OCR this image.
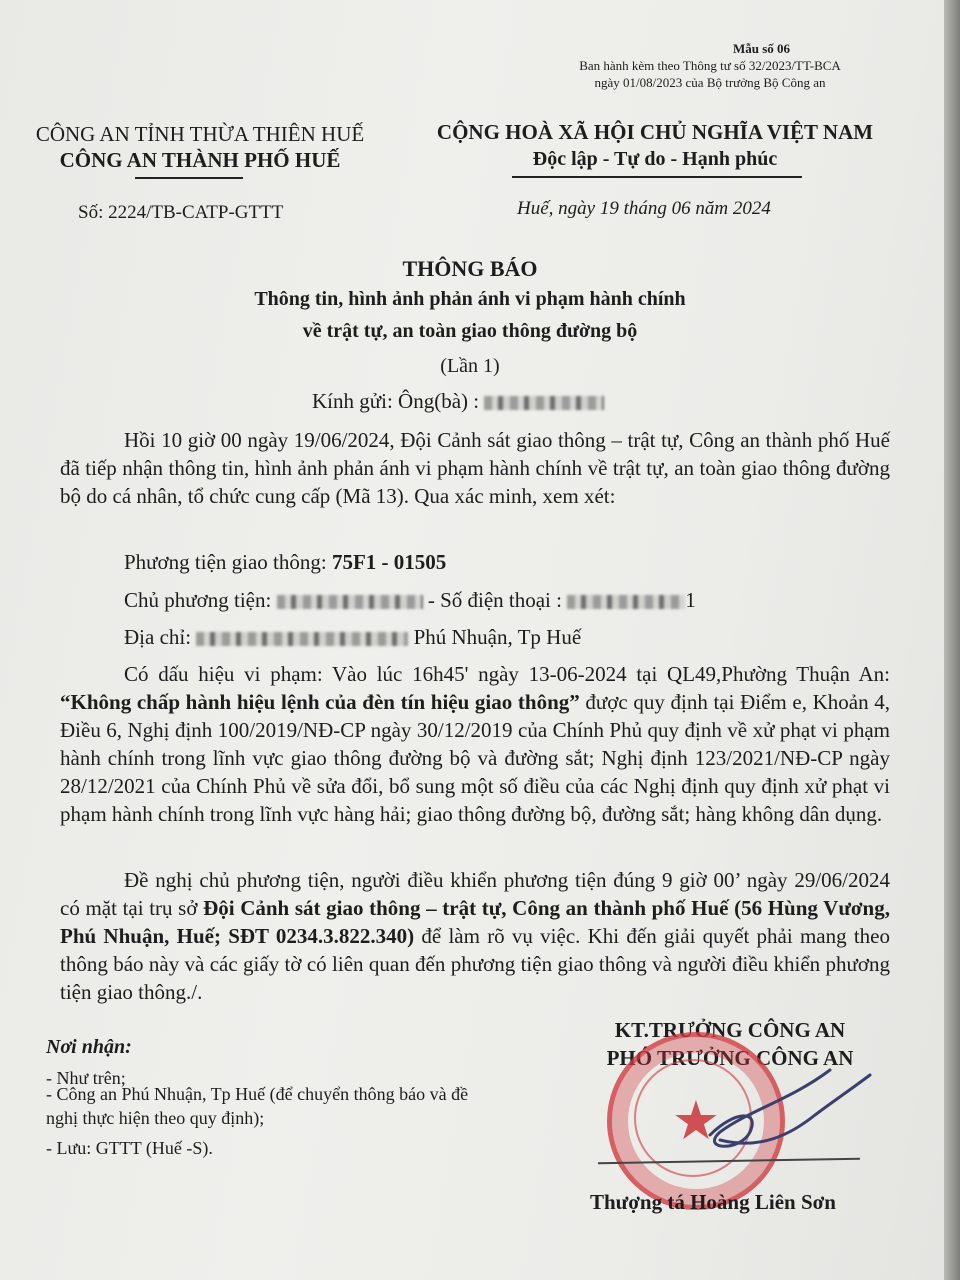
Mẫu số 06
Ban hành kèm theo Thông tư số 32/2023/TT-BCA
ngày 01/08/2023 của Bộ trưởng Bộ Công an
CÔNG AN TỈNH THỪA THIÊN HUẾ
CÔNG AN THÀNH PHỐ HUẾ
CỘNG HOÀ XÃ HỘI CHỦ NGHĨA VIỆT NAM
Độc lập - Tự do - Hạnh phúc
Số: 2224/TB-CATP-GTTT	Huế, ngày 19 tháng 06 năm 2024
THÔNG BÁO
Thông tin, hình ảnh phản ánh vi phạm hành chính
về trật tự, an toàn giao thông đường bộ
(Lần 1)
Kính gửi: Ông(bà) :
Hồi 10 giờ 00 ngày 19/06/2024, Đội Cảnh sát giao thông – trật tự, Công an thành phố Huế đã tiếp nhận thông tin, hình ảnh phản ánh vi phạm hành chính về trật tự, an toàn giao thông đường bộ do cá nhân, tổ chức cung cấp (Mã 13). Qua xác minh, xem xét:
Phương tiện giao thông: 75F1 - 01505
Chủ phương tiện:	- Số điện thoại :	1
Địa chỉ:	Phú Nhuận, Tp Huế
Có dấu hiệu vi phạm: Vào lúc 16h45' ngày 13-06-2024 tại QL49,Phường Thuận An: “Không chấp hành hiệu lệnh của đèn tín hiệu giao thông” được quy định tại Điểm e, Khoản 4, Điều 6, Nghị định 100/2019/NĐ-CP ngày 30/12/2019 của Chính Phủ quy định về xử phạt vi phạm hành chính trong lĩnh vực giao thông đường bộ và đường sắt; Nghị định 123/2021/NĐ-CP ngày 28/12/2021 của Chính Phủ về sửa đổi, bổ sung một số điều của các Nghị định quy định xử phạt vi phạm hành chính trong lĩnh vực hàng hải; giao thông đường bộ, đường sắt; hàng không dân dụng.
Đề nghị chủ phương tiện, người điều khiển phương tiện đúng 9 giờ 00’ ngày 29/06/2024 có mặt tại trụ sở Đội Cảnh sát giao thông – trật tự, Công an thành phố Huế (56 Hùng Vương, Phú Nhuận, Huế; SĐT 0234.3.822.340) để làm rõ vụ việc. Khi đến giải quyết phải mang theo thông báo này và các giấy tờ có liên quan đến phương tiện giao thông và người điều khiển phương tiện giao thông./.
KT.TRƯỞNG CÔNG AN
PHÓ TRƯỞNG CÔNG AN
Nơi nhận:
- Như trên;
- Công an Phú Nhuận, Tp Huế (để chuyển thông báo và đề nghị thực hiện theo quy định);
- Lưu: GTTT (Huế -S).	★
Thượng tá Hoàng Liên Sơn
